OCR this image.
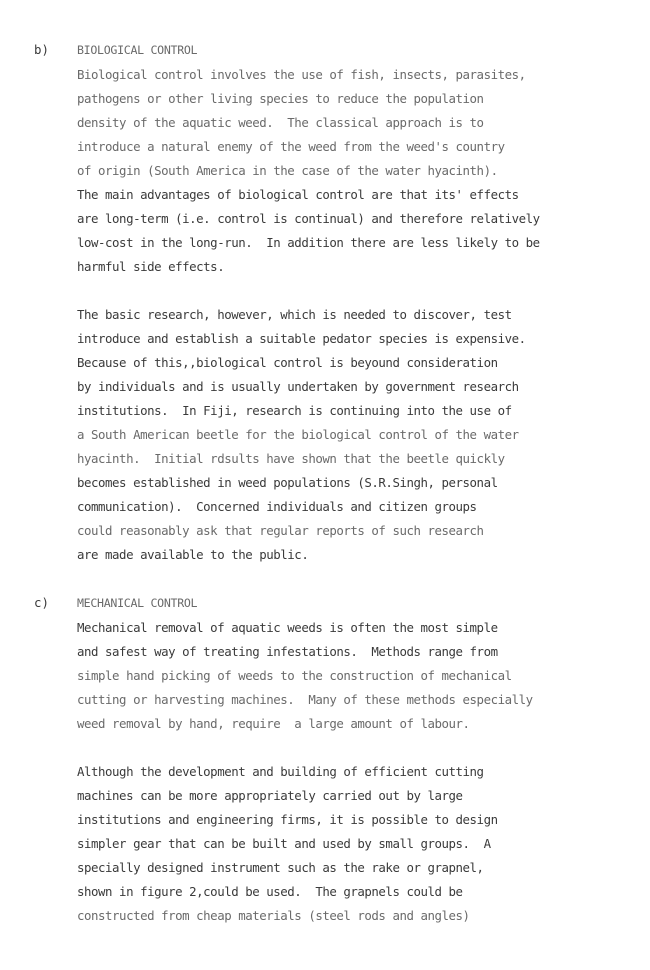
b) BIOLOGICAL CONTROL
Biological control involves the use of fish, insects, parasites,
pathogens or other living species to reduce the population
density of the aquatic weed.  The classical approach is to
introduce a natural enemy of the weed from the weed's country
of origin (South America in the case of the water hyacinth).
The main advantages of biological control are that its' effects
are long-term (i.e. control is continual) and therefore relatively
low-cost in the long-run.  In addition there are less likely to be
harmful side effects.
The basic research, however, which is needed to discover, test
introduce and establish a suitable pedator species is expensive.
Because of this,,biological control is beyound consideration
by individuals and is usually undertaken by government research
institutions.  In Fiji, research is continuing into the use of
a South American beetle for the biological control of the water
hyacinth.  Initial rdsults have shown that the beetle quickly
becomes established in weed populations (S.R.Singh, personal
communication).  Concerned individuals and citizen groups
could reasonably ask that regular reports of such research
are made available to the public.
c) MECHANICAL CONTROL
Mechanical removal of aquatic weeds is often the most simple
and safest way of treating infestations.  Methods range from
simple hand picking of weeds to the construction of mechanical
cutting or harvesting machines.  Many of these methods especially
weed removal by hand, require  a large amount of labour.
Although the development and building of efficient cutting
machines can be more appropriately carried out by large
institutions and engineering firms, it is possible to design
simpler gear that can be built and used by small groups.  A
specially designed instrument such as the rake or grapnel,
shown in figure 2,could be used.  The grapnels could be
constructed from cheap materials (steel rods and angles)
